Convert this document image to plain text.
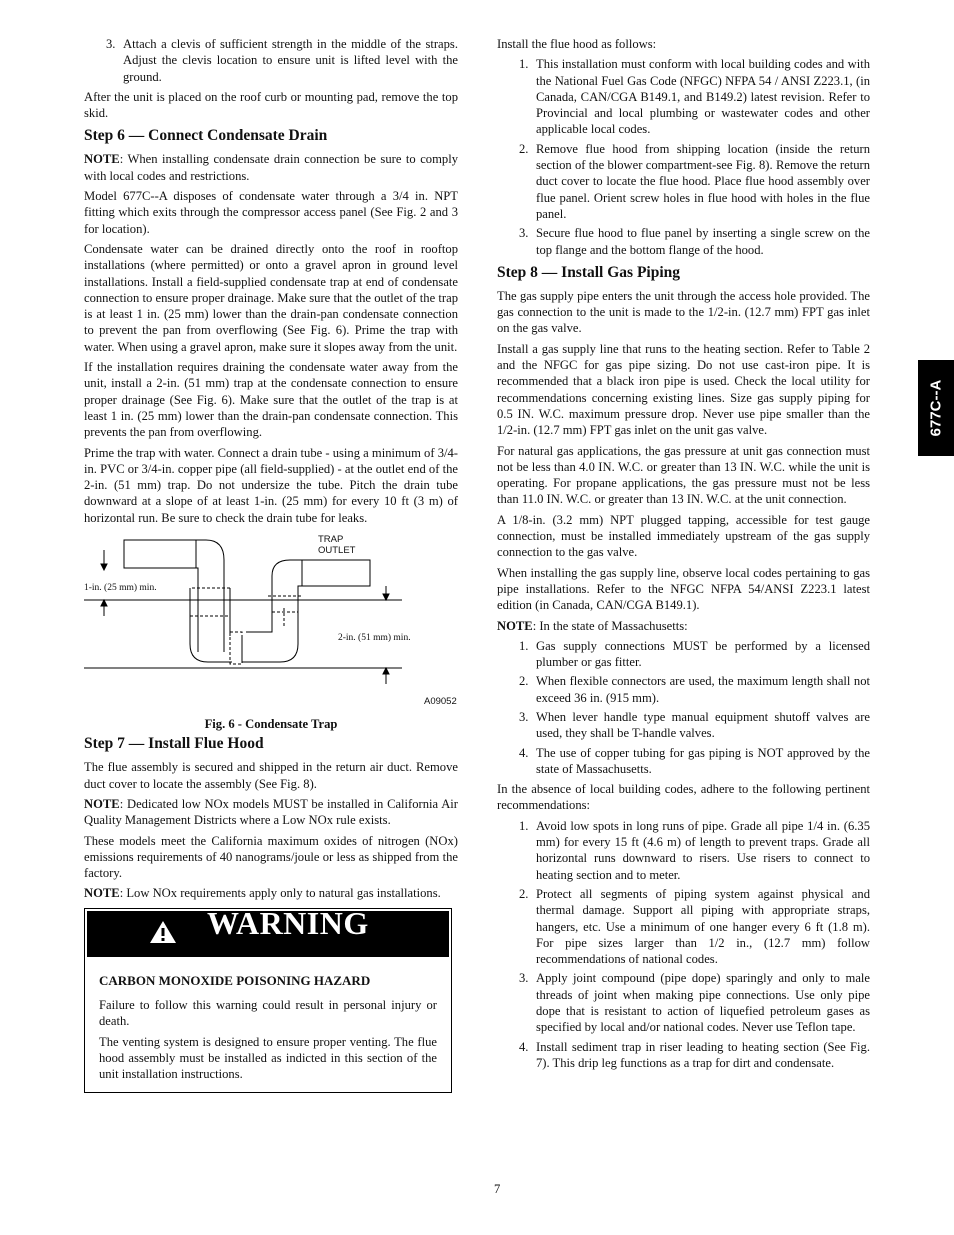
3. Attach a clevis of sufficient strength in the middle of the straps. Adjust the clevis location to ensure unit is lifted level with the ground.

After the unit is placed on the roof curb or mounting pad, remove the top skid.

Step 6 — Connect Condensate Drain

NOTE: When installing condensate drain connection be sure to comply with local codes and restrictions.

Model 677C--A disposes of condensate water through a 3/4 in. NPT fitting which exits through the compressor access panel (See Fig. 2 and 3 for location).

Condensate water can be drained directly onto the roof in rooftop installations (where permitted) or onto a gravel apron in ground level installations. Install a field-supplied condensate trap at end of condensate connection to ensure proper drainage. Make sure that the outlet of the trap is at least 1 in. (25 mm) lower than the drain-pan condensate connection to prevent the pan from overflowing (See Fig. 6). Prime the trap with water. When using a gravel apron, make sure it slopes away from the unit.

If the installation requires draining the condensate water away from the unit, install a 2-in. (51 mm) trap at the condensate connection to ensure proper drainage (See Fig. 6). Make sure that the outlet of the trap is at least 1 in. (25 mm) lower than the drain-pan condensate connection. This prevents the pan from overflowing.

Prime the trap with water. Connect a drain tube - using a minimum of 3/4-in. PVC or 3/4-in. copper pipe (all field-supplied) - at the outlet end of the 2-in. (51 mm) trap. Do not undersize the tube. Pitch the drain tube downward at a slope of at least 1-in. (25 mm) for every 10 ft (3 m) of horizontal run. Be sure to check the drain tube for leaks.

TRAP
OUTLET
1-in. (25 mm) min.
2-in. (51 mm) min.
A09052
Fig. 6 - Condensate Trap
Step 7 — Install Flue Hood

The flue assembly is secured and shipped in the return air duct. Remove duct cover to locate the assembly (See Fig. 8).

NOTE: Dedicated low NOx models MUST be installed in California Air Quality Management Districts where a Low NOx rule exists.

These models meet the California maximum oxides of nitrogen (NOx) emissions requirements of 40 nanograms/joule or less as shipped from the factory.

NOTE: Low NOx requirements apply only to natural gas installations.

WARNING
CARBON MONOXIDE POISONING HAZARD

Failure to follow this warning could result in personal injury or death.

The venting system is designed to ensure proper venting. The flue hood assembly must be installed as indicted in this section of the unit installation instructions.

Install the flue hood as follows:

1. This installation must conform with local building codes and with the National Fuel Gas Code (NFGC) NFPA 54 / ANSI Z223.1, (in Canada, CAN/CGA B149.1, and B149.2) latest revision. Refer to Provincial and local plumbing or wastewater codes and other applicable local codes.
2. Remove flue hood from shipping location (inside the return section of the blower compartment-see Fig. 8). Remove the return duct cover to locate the flue hood. Place flue hood assembly over flue panel. Orient screw holes in flue hood with holes in the flue panel.
3. Secure flue hood to flue panel by inserting a single screw on the top flange and the bottom flange of the hood.
Step 8 — Install Gas Piping

The gas supply pipe enters the unit through the access hole provided. The gas connection to the unit is made to the 1/2-in. (12.7 mm) FPT gas inlet on the gas valve.

Install a gas supply line that runs to the heating section. Refer to Table 2 and the NFGC for gas pipe sizing. Do not use cast-iron pipe. It is recommended that a black iron pipe is used. Check the local utility for recommendations concerning existing lines. Size gas supply piping for 0.5 IN. W.C. maximum pressure drop. Never use pipe smaller than the 1/2-in. (12.7 mm) FPT gas inlet on the unit gas valve.

For natural gas applications, the gas pressure at unit gas connection must not be less than 4.0 IN. W.C. or greater than 13 IN. W.C. while the unit is operating. For propane applications, the gas pressure must not be less than 11.0 IN. W.C. or greater than 13 IN. W.C. at the unit connection.

A 1/8-in. (3.2 mm) NPT plugged tapping, accessible for test gauge connection, must be installed immediately upstream of the gas supply connection to the gas valve.

When installing the gas supply line, observe local codes pertaining to gas pipe installations. Refer to the NFGC NFPA 54/ANSI Z223.1 latest edition (in Canada, CAN/CGA B149.1).

NOTE: In the state of Massachusetts:

1. Gas supply connections MUST be performed by a licensed plumber or gas fitter.
2. When flexible connectors are used, the maximum length shall not exceed 36 in. (915 mm).
3. When lever handle type manual equipment shutoff valves are used, they shall be T-handle valves.
4. The use of copper tubing for gas piping is NOT approved by the state of Massachusetts.

In the absence of local building codes, adhere to the following pertinent recommendations:

1. Avoid low spots in long runs of pipe. Grade all pipe 1/4 in. (6.35 mm) for every 15 ft (4.6 m) of length to prevent traps. Grade all horizontal runs downward to risers. Use risers to connect to heating section and to meter.
2. Protect all segments of piping system against physical and thermal damage. Support all piping with appropriate straps, hangers, etc. Use a minimum of one hanger every 6 ft (1.8 m). For pipe sizes larger than 1/2 in., (12.7 mm) follow recommendations of national codes.
3. Apply joint compound (pipe dope) sparingly and only to male threads of joint when making pipe connections. Use only pipe dope that is resistant to action of liquefied petroleum gases as specified by local and/or national codes. Never use Teflon tape.
4. Install sediment trap in riser leading to heating section (See Fig. 7). This drip leg functions as a trap for dirt and condensate.
677C--A
7
